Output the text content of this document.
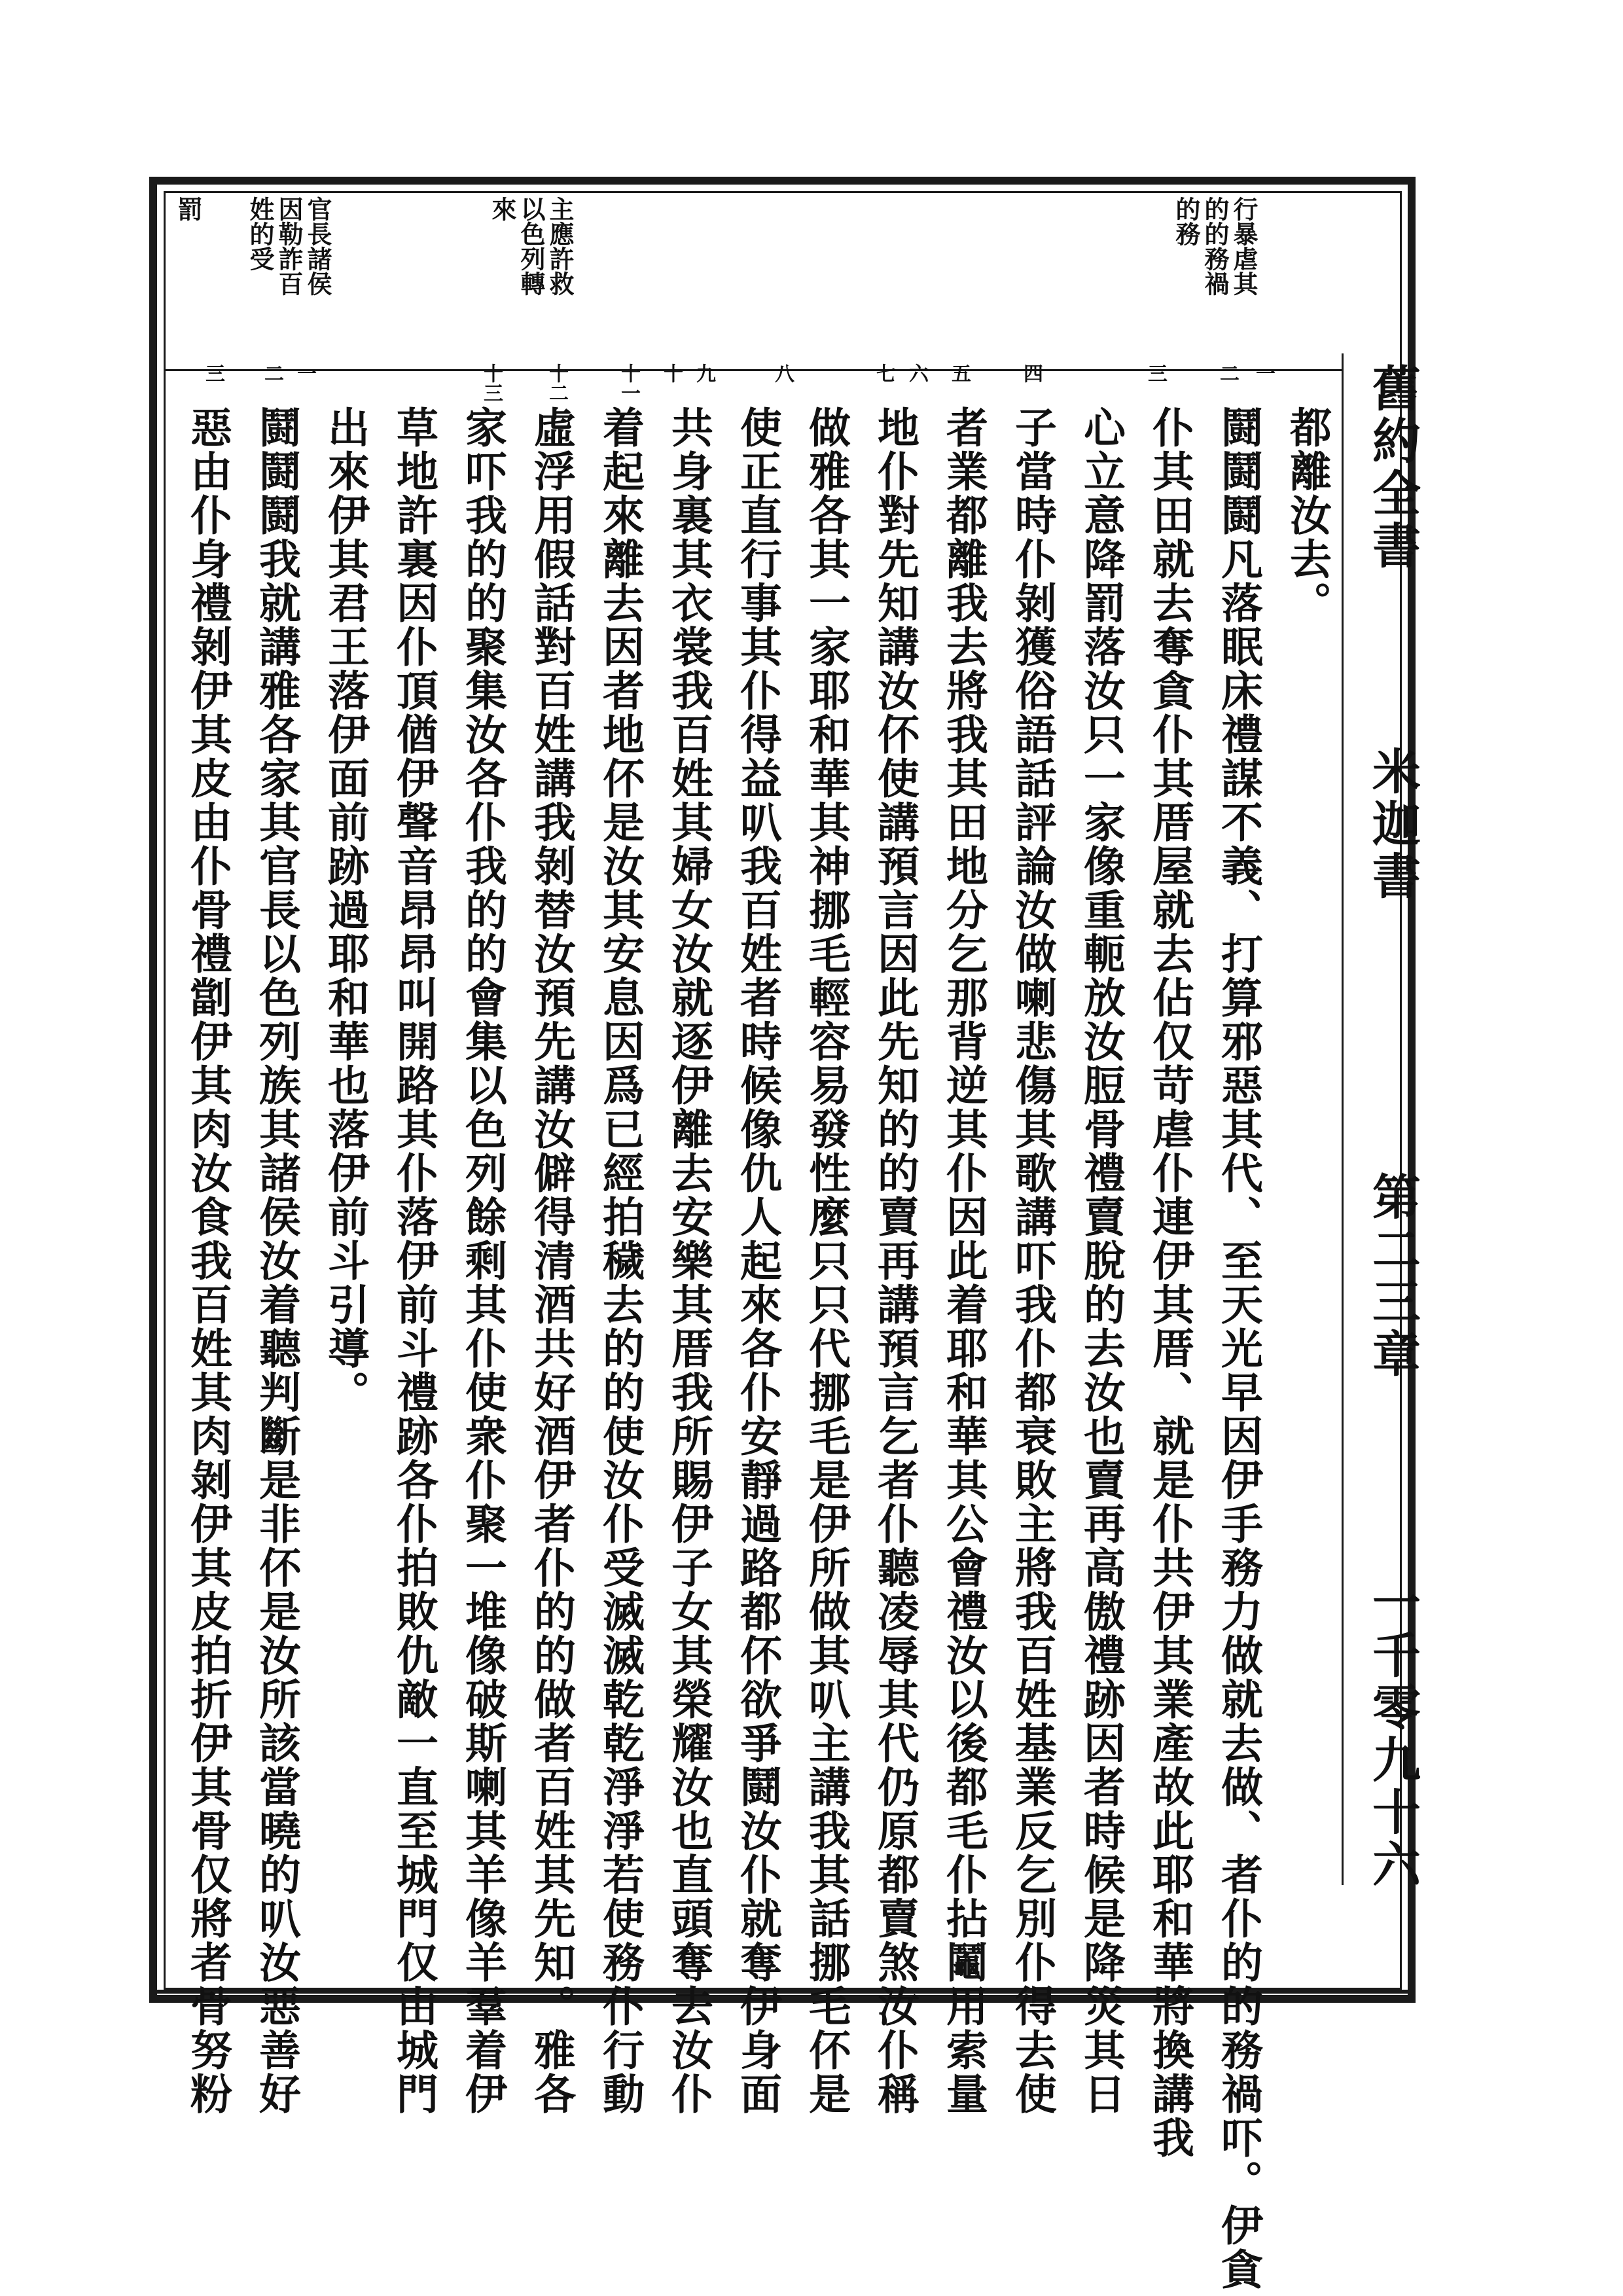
舊約全書
米迦書
第二三章
一千零九十六
行暴虐其
的的務禍
的務
主應許救
以色列轉
來
官長諸侯
因勒詐百
姓的受
罰
一
二
三
四
五
六
七
八
九
十
十一
十二
十三
一
二
三
都離汝去。
鬪鬪鬪凡落眠床禮謀不義、打算邪惡其代、至天光早因伊手務力做就去做、者仆的的務禍吓。伊貪
仆其田就去奪貪仆其厝屋就去佔仅苛虐仆連伊其厝、就是仆共伊其業產故此耶和華將換講我
心立意降罰落汝只一家像重軛放汝脰骨禮賣脫的去汝也賣再高傲禮跡因者時候是降災其日
子當時仆剝獲俗語話評論汝做喇悲傷其歌講吓我仆都衰敗主將我百姓基業反乞別仆得去使
者業都離我去將我其田地分乞那背逆其仆因此着耶和華其公會禮汝以後都毛仆拈鬮用索量
地仆對先知講汝伓使講預言因此先知的的賣再講預言乞者仆聽凌辱其代仍原都賣煞汝仆稱
做雅各其一家耶和華其神挪毛輕容易發性麼只只代挪毛是伊所做其叭主講我其話挪毛伓是
使正直行事其仆得益叭我百姓者時候像仇人起來各仆安靜過路都伓欲爭鬪汝仆就奪伊身面
共身裏其衣裳我百姓其婦女汝就逐伊離去安樂其厝我所賜伊子女其榮耀汝也直頭奪去汝仆
着起來離去因者地伓是汝其安息因爲已經拍穢去的的使汝仆受滅滅乾乾淨淨若使務仆行動
虛浮用假話對百姓講我剝替汝預先講汝僻得清酒共好酒伊者仆的的做者百姓其先知。雅各
家吓我的的聚集汝各仆我的的會集以色列餘剩其仆使衆仆聚一堆像破斯喇其羊像羊羣着伊
草地許裏因仆頂偤伊聲音昂昂叫開路其仆落伊前斗禮跡各仆拍敗仇敵一直至城門仅由城門
出來伊其君王落伊面前跡過耶和華也落伊前斗引導。
鬪鬪鬪我就講雅各家其官長以色列族其諸侯汝着聽判斷是非伓是汝所該當曉的叭汝惡善好
惡由仆身禮剝伊其皮由仆骨禮劏伊其肉汝食我百姓其肉剝伊其皮拍折伊其骨仅將者骨努粉
